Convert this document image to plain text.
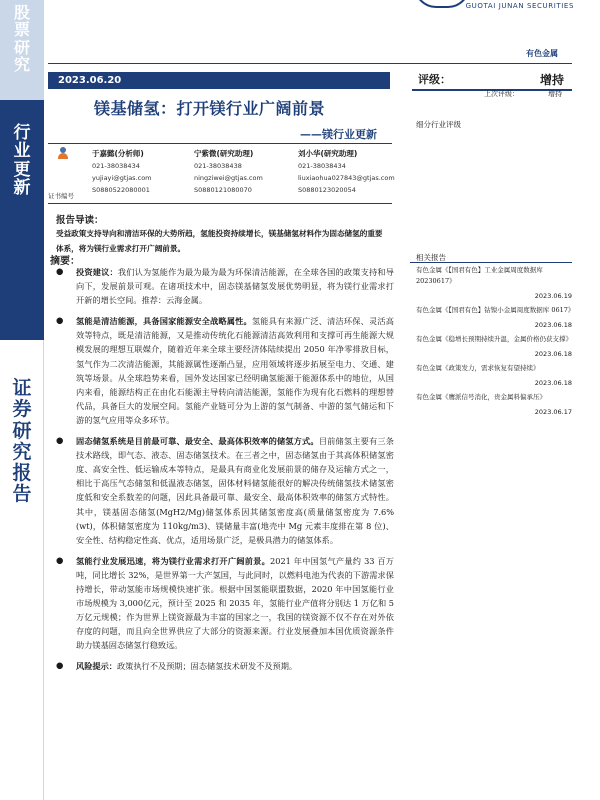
股
票
研
究
行
业
更
新
证
券
研
究
报
告
GUOTAI JUNAN SECURITIES
有色金属
2023.06.20
镁基储氢：打开镁行业广阔前景
——镁行业更新
于嘉懿(分析师)
021-38038434
yujiayi@gtjas.com
S0880522080001
宁紫微(研究助理)
021-38038438
ningziwei@gtjas.com
S0880121080070
刘小华(研究助理)
021-38038434
liuxiaohua027843@gtjas.com
S0880123020054
证书编号
报告导读：
受益政策支持导向和清洁环保的大势所趋，氢能投资持续增长，镁基储氢材料作为固态储氢的重要体系，将为镁行业需求打开广阔前景。
摘要：
● 投资建议：我们认为氢能作为最为最为最为环保清洁能源，在全球各国的政策支持和导向下，发展前景可观。在诸项技术中，固态镁基储氢发展优势明显，将为镁行业需求打开新的增长空间。推荐：云海金属。
● 氢能是清洁能源，具备国家能源安全战略属性。氢能具有来源广泛、清洁环保、灵活高效等特点，既是清洁能源，又是推动传统化石能源清洁高效利用和支撑可再生能源大规模发展的理想互联媒介，随着近年来全球主要经济体陆续提出 2050 年净零排放目标，氢气作为二次清洁能源，其能源属性逐渐凸显，应用领域将逐步拓展至电力、交通、建筑等场景。从全球趋势来看，国外发达国家已经明确氢能源于能源体系中的地位，从国内来看，能源结构正在由化石能源主导转向清洁能源，氢能作为现有化石燃料的理想替代品，具备巨大的发展空间。氢能产业链可分为上游的氢气制备、中游的氢气储运和下游的氢气应用等众多环节。
● 固态储氢系统是目前最可靠、最安全、最高体积效率的储氢方式。目前储氢主要有三条技术路线，即气态、液态、固态储氢技术。在三者之中，固态储氢由于其高体积储氢密度、高安全性、低运输成本等特点，是最具有商业化发展前景的储存及运输方式之一，相比于高压气态储氢和低温液态储氢，固体材料储氢能很好的解决传统储氢技术储氢密度低和安全系数差的问题，因此具备最可靠、最安全、最高体积效率的储氢方式特性。其中，镁基固态储氢(MgH2/Mg)储氢体系因其储氢密度高(质量储氢密度为 7.6%(wt)，体积储氢密度为 110kg/m3)、镁储量丰富(地壳中 Mg 元素丰度排在第 8 位)、安全性、结构稳定性高、优点，适用场景广泛，是极具潜力的储氢体系。
● 氢能行业发展迅速，将为镁行业需求打开广阔前景。2021 年中国氢气产量约 33 百万吨，同比增长 32%，是世界第一大产氢国，与此同时，以燃料电池为代表的下游需求保持增长，带动氢能市场规模快速扩张。根据中国氢能联盟数据，2020 年中国氢能行业市场规模为 3,000亿元，预计至 2025 和 2035 年，氢能行业产值将分别达 1 万亿和 5万亿元规模；作为世界上镁资源最为丰富的国家之一，我国的镁资源不仅不存在对外依存度的问题，而且向全世界供应了大部分的资源来源。行业发展叠加本国优质资源条件助力镁基固态储氢行稳致远。
● 风险提示：政策执行不及预期；固态储氢技术研发不及预期。
评级：	增持
上次评级：	增持
细分行业评级
相关报告
有色金属《【国君有色】工业金属周度数据库 20230617》
2023.06.19
有色金属《【国君有色】钴镍小金属周度数据库 0617》
2023.06.18
有色金属《稳增长预期持续升温，金属价格仍获支撑》
2023.06.18
有色金属《政策发力，需求恢复有望持续》
2023.06.18
有色金属《鹰派信号消化，贵金属料偏承压》
2023.06.17
